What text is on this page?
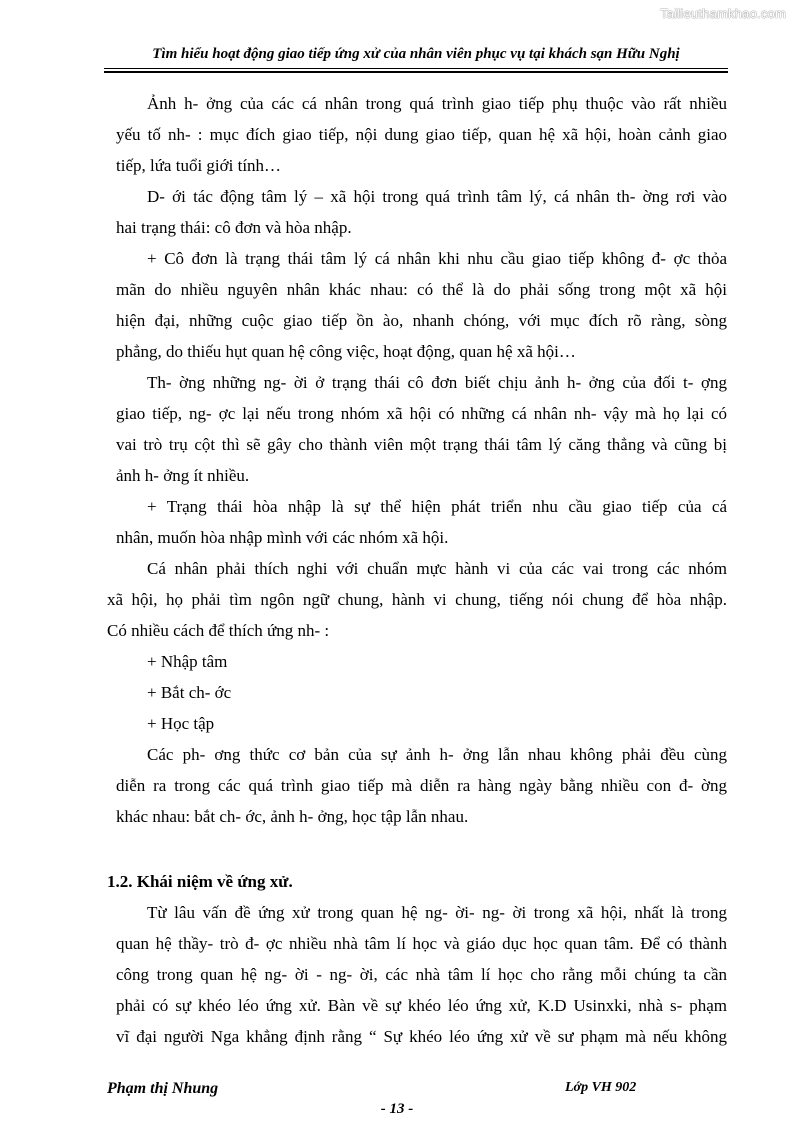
Tailieuthamkhao.com
Tìm hiểu hoạt động giao tiếp ứng xử của nhân viên phục vụ tại khách sạn Hữu Nghị
Ảnh h- ởng của các cá nhân trong quá trình giao tiếp phụ thuộc vào rất nhiều
yếu tố nh- : mục đích giao tiếp, nội dung giao tiếp, quan hệ xã hội, hoàn cảnh giao
tiếp, lứa tuổi giới tính…
D- ới tác động tâm lý – xã hội trong quá trình tâm lý, cá nhân th- ờng rơi vào
hai trạng thái: cô đơn và hòa nhập.
+ Cô đơn là trạng thái tâm lý cá nhân khi nhu cầu giao tiếp không đ- ợc thỏa
mãn do nhiều nguyên nhân khác nhau: có thể là do phải sống trong một xã hội
hiện đại, những cuộc giao tiếp ồn ào, nhanh chóng, với mục đích rõ ràng, sòng
phẳng, do thiếu hụt quan hệ công việc, hoạt động, quan hệ xã hội…
Th- ờng những ng- ời ở trạng thái cô đơn biết chịu ảnh h- ởng của đối t- ợng
giao tiếp, ng- ợc lại nếu trong nhóm xã hội có những cá nhân nh- vậy mà họ lại có
vai trò trụ cột thì sẽ gây cho thành viên một trạng thái tâm lý căng thẳng và cũng bị
ảnh h- ởng ít nhiều.
+ Trạng thái hòa nhập là sự thể hiện phát triển nhu cầu giao tiếp của cá
nhân, muốn hòa nhập mình với các nhóm xã hội.
Cá nhân phải thích nghi với chuẩn mực hành vi của các vai trong các nhóm
xã hội, họ phải tìm ngôn ngữ chung, hành vi chung, tiếng nói chung để hòa nhập.
Có nhiều cách để thích ứng nh- :
+ Nhập tâm
+ Bắt ch- ớc
+ Học tập
Các ph- ơng thức cơ bản của sự ảnh h- ởng lẫn nhau không phải đều cùng
diễn ra trong các quá trình giao tiếp mà diễn ra hàng ngày bằng nhiều con đ- ờng
khác nhau: bắt ch- ớc, ảnh h- ởng, học tập lẫn nhau.
1.2. Khái niệm về ứng xử.
Từ lâu vấn đề ứng xử trong quan hệ ng- ời- ng- ời trong xã hội, nhất là trong
quan hệ thầy- trò đ- ợc nhiều nhà tâm lí học và giáo dục học quan tâm. Để có thành
công trong quan hệ ng- ời - ng- ời, các nhà tâm lí học cho rằng mỗi chúng ta cần
phải có sự khéo léo ứng xử. Bàn về sự khéo léo ứng xử, K.D Usinxki, nhà s- phạm
vĩ đại người Nga khẳng định rằng “ Sự khéo léo ứng xử về sư phạm mà nếu không
Phạm thị Nhung	Lớp VH 902
- 13 -
